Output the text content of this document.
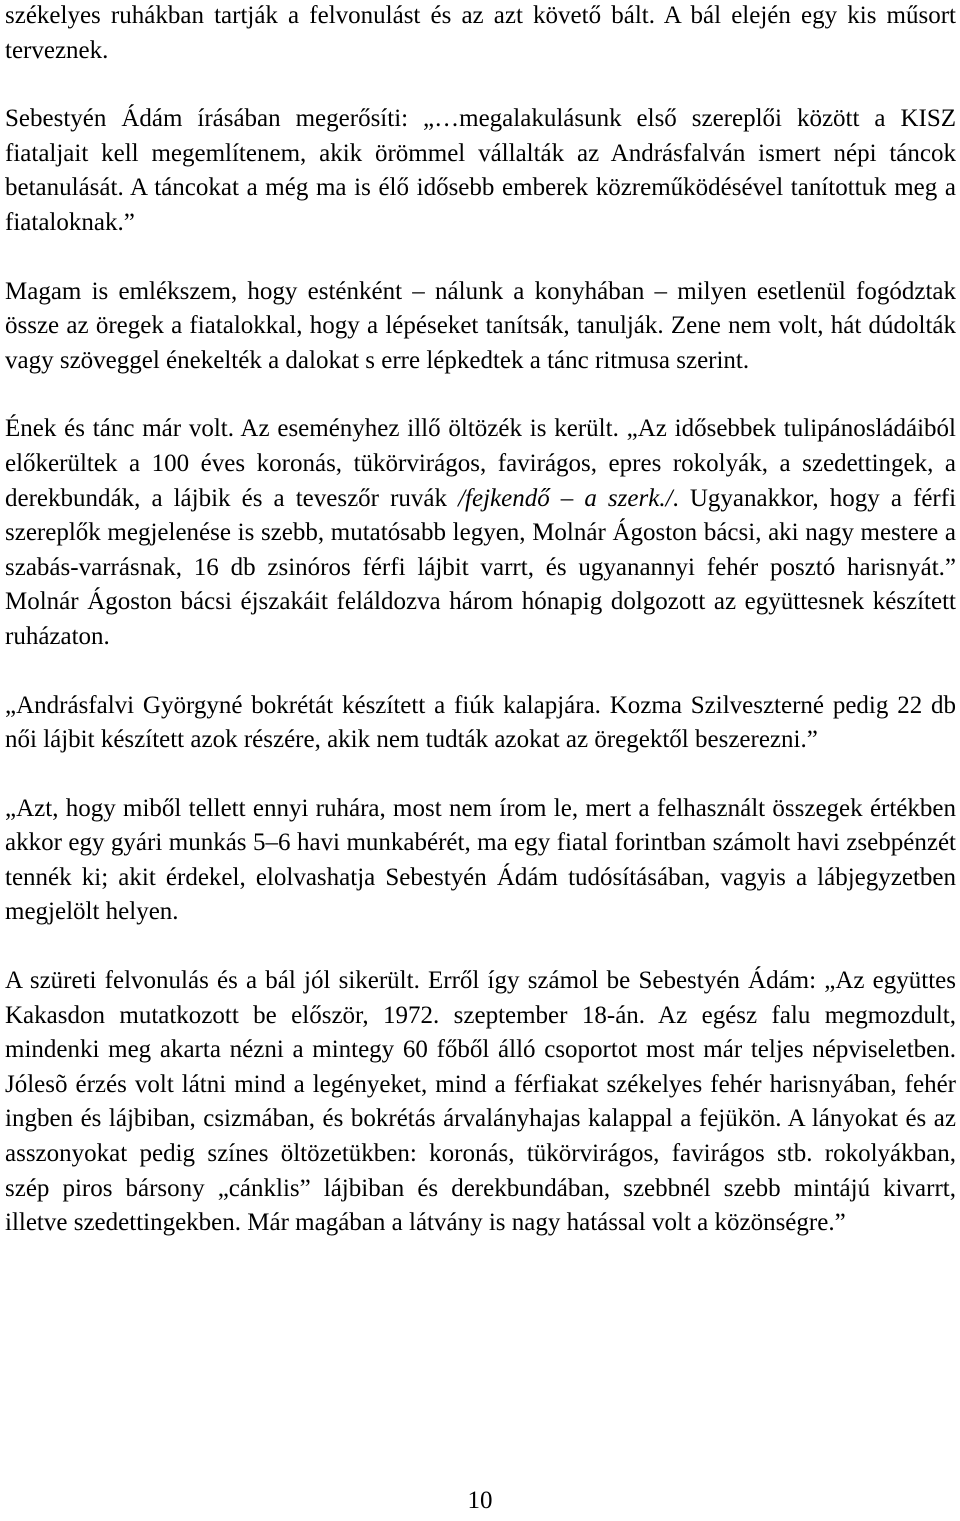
székelyes ruhákban tartják a felvonulást és az azt követő bált. A bál elején egy kis műsort terveznek.

Sebestyén Ádám írásában megerősíti: „…megalakulásunk első szereplői között a KISZ fiataljait kell megemlítenem, akik örömmel vállalták az Andrásfalván ismert népi táncok betanulását. A táncokat a még ma is élő idősebb emberek közreműködésével tanítottuk meg a fiataloknak.”

Magam is emlékszem, hogy esténként – nálunk a konyhában – milyen esetlenül fogództak össze az öregek a fiatalokkal, hogy a lépéseket tanítsák, tanulják. Zene nem volt, hát dúdolták vagy szöveggel énekelték a dalokat s erre lépkedtek a tánc ritmusa szerint.

Ének és tánc már volt. Az eseményhez illő öltözék is került. „Az idősebbek tulipánosládáiból előkerültek a 100 éves koronás, tükörvirágos, favirágos, epres rokolyák, a szedettingek, a derekbundák, a lájbik és a teveszőr ruvák /fejkendő – a szerk./. Ugyanakkor, hogy a férfi szereplők megjelenése is szebb, mutatósabb legyen, Molnár Ágoston bácsi, aki nagy mestere a szabás-varrásnak, 16 db zsinóros férfi lájbit varrt, és ugyanannyi fehér posztó harisnyát.” Molnár Ágoston bácsi éjszakáit feláldozva három hónapig dolgozott az együttesnek készített ruházaton.

„Andrásfalvi Györgyné bokrétát készített a fiúk kalapjára. Kozma Szilveszterné pedig 22 db női lájbit készített azok részére, akik nem tudták azokat az öregektől beszerezni.”

„Azt, hogy miből tellett ennyi ruhára, most nem írom le, mert a felhasznált összegek értékben akkor egy gyári munkás 5–6 havi munkabérét, ma egy fiatal forintban számolt havi zsebpénzét tennék ki; akit érdekel, elolvashatja Sebestyén Ádám tudósításában, vagyis a lábjegyzetben megjelölt helyen.

A szüreti felvonulás és a bál jól sikerült. Erről így számol be Sebestyén Ádám: „Az együttes Kakasdon mutatkozott be először, 1972. szeptember 18-án. Az egész falu megmozdult, mindenki meg akarta nézni a mintegy 60 főből álló csoportot most már teljes népviseletben. Jólesõ érzés volt látni mind a legényeket, mind a férfiakat székelyes fehér harisnyában, fehér ingben és lájbiban, csizmában, és bokrétás árvalányhajas kalappal a fejükön. A lányokat és az asszonyokat pedig színes öltözetükben: koronás, tükörvirágos, favirágos stb. rokolyákban, szép piros bársony „cánklis” lájbiban és derekbundában, szebbnél szebb mintájú kivarrt, illetve szedettingekben. Már magában a látvány is nagy hatással volt a közönségre.”

10
